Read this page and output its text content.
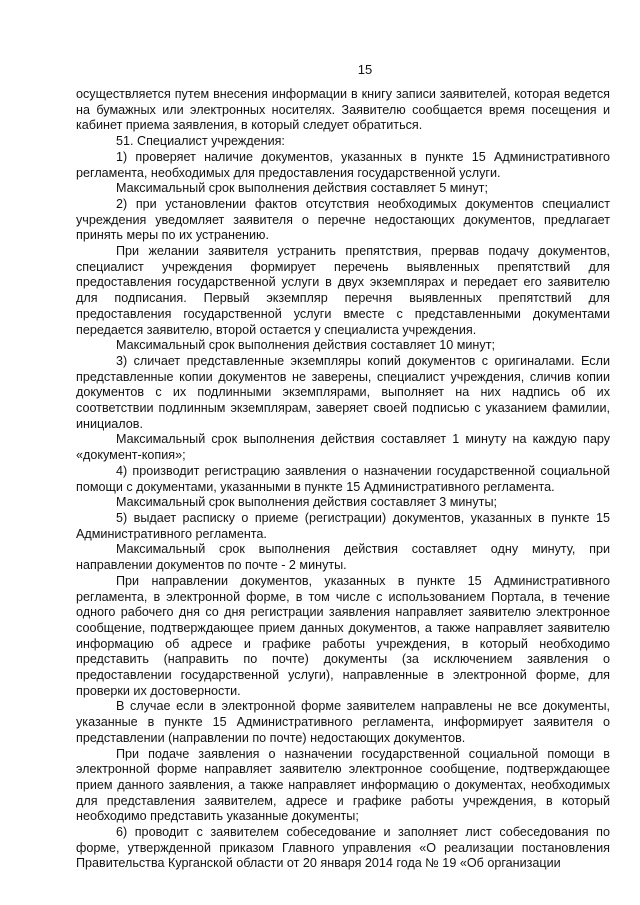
15

осуществляется путем внесения информации в книгу записи заявителей, которая ведется на бумажных или электронных носителях. Заявителю сообщается время посещения и кабинет приема заявления, в который следует обратиться.

51. Специалист учреждения:

1) проверяет наличие документов, указанных в пункте 15 Административного регламента, необходимых для предоставления государственной услуги.

Максимальный срок выполнения действия составляет 5 минут;

2) при установлении фактов отсутствия необходимых документов специалист учреждения уведомляет заявителя о перечне недостающих документов, предлагает принять меры по их устранению.

При желании заявителя устранить препятствия, прервав подачу документов, специалист учреждения формирует перечень выявленных препятствий для предоставления государственной услуги в двух экземплярах и передает его заявителю для подписания. Первый экземпляр перечня выявленных препятствий для предоставления государственной услуги вместе с представленными документами передается заявителю, второй остается у специалиста учреждения.

Максимальный срок выполнения действия составляет 10 минут;

3) сличает представленные экземпляры копий документов с оригиналами. Если представленные копии документов не заверены, специалист учреждения, сличив копии документов с их подлинными экземплярами, выполняет на них надпись об их соответствии подлинным экземплярам, заверяет своей подписью с указанием фамилии, инициалов.

Максимальный срок выполнения действия составляет 1 минуту на каждую пару «документ-копия»;

4) производит регистрацию заявления о назначении государственной социальной помощи с документами, указанными в пункте 15 Административного регламента.

Максимальный срок выполнения действия составляет 3 минуты;

5) выдает расписку о приеме (регистрации) документов, указанных в пункте 15 Административного регламента.

Максимальный срок выполнения действия составляет одну минуту, при направлении документов по почте - 2 минуты.

При направлении документов, указанных в пункте 15 Административного регламента, в электронной форме, в том числе с использованием Портала, в течение одного рабочего дня со дня регистрации заявления направляет заявителю электронное сообщение, подтверждающее прием данных документов, а также направляет заявителю информацию об адресе и графике работы учреждения, в который необходимо представить (направить по почте) документы (за исключением заявления о предоставлении государственной услуги), направленные в электронной форме, для проверки их достоверности.

В случае если в электронной форме заявителем направлены не все документы, указанные в пункте 15 Административного регламента, информирует заявителя о представлении (направлении по почте) недостающих документов.

При подаче заявления о назначении государственной социальной помощи в электронной форме направляет заявителю электронное сообщение, подтверждающее прием данного заявления, а также направляет информацию о документах, необходимых для представления заявителем, адресе и графике работы учреждения, в который необходимо представить указанные документы;

6) проводит с заявителем собеседование и заполняет лист собеседования по форме, утвержденной приказом Главного управления «О реализации постановления Правительства Курганской области от 20 января 2014 года № 19 «Об организации
